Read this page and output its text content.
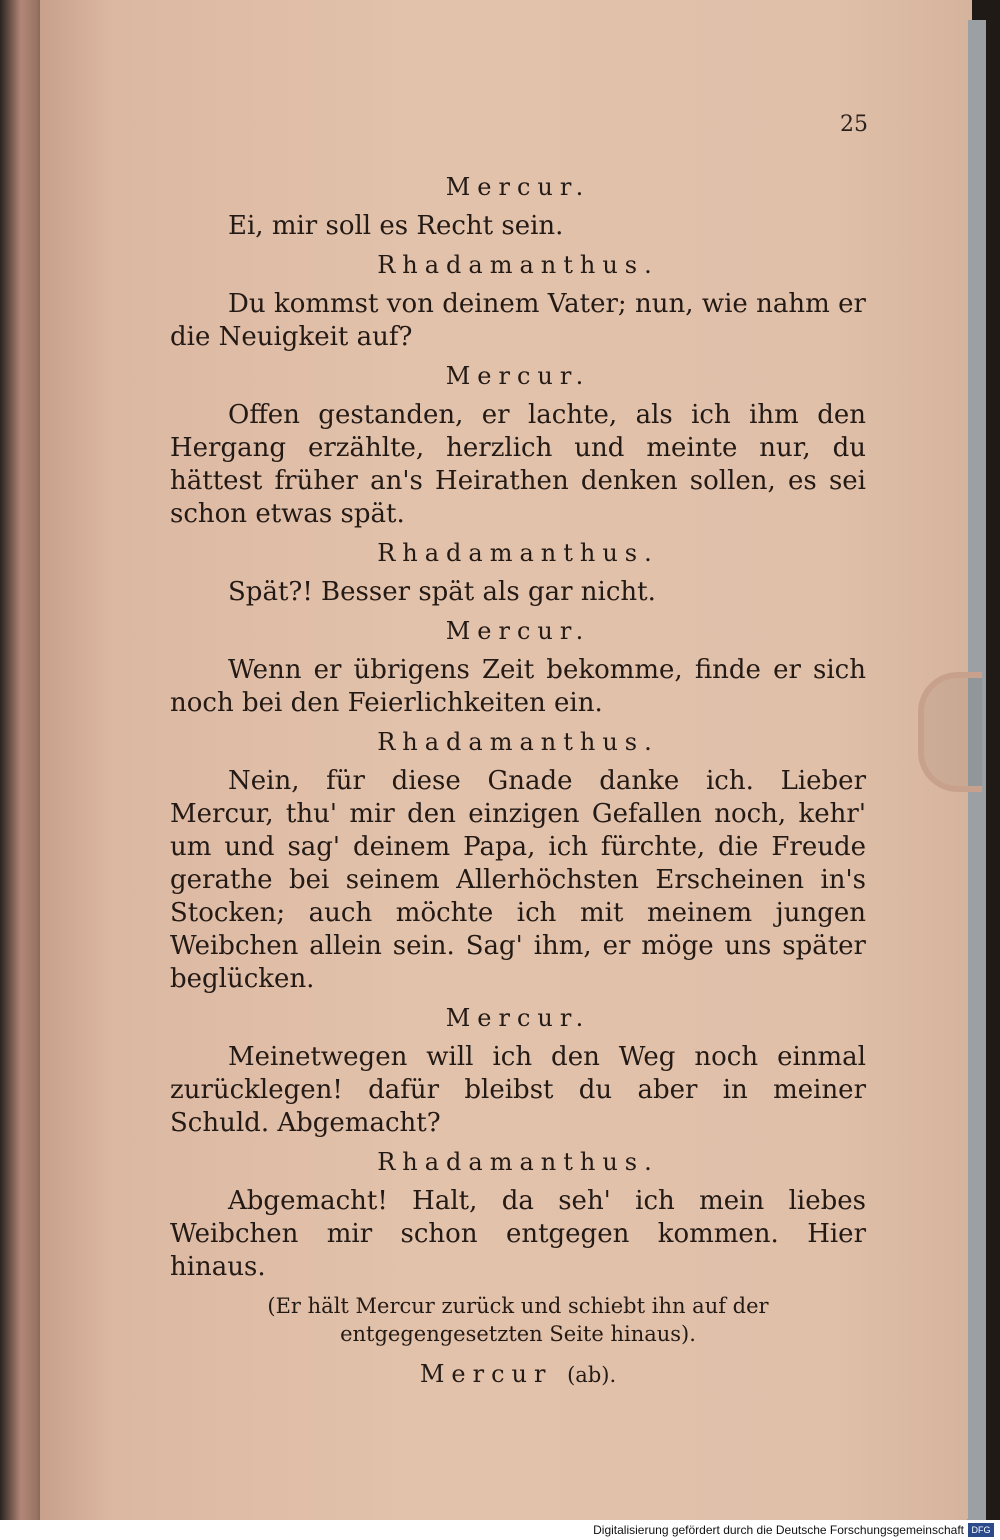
25
Mercur.

Ei, mir soll es Recht sein.

Rhadamanthus.

Du kommst von deinem Vater; nun, wie nahm er die Neuigkeit auf?

Mercur.

Offen gestanden, er lachte, als ich ihm den Hergang erzählte, herzlich und meinte nur, du hättest früher an's Heirathen denken sollen, es sei schon etwas spät.

Rhadamanthus.

Spät?! Besser spät als gar nicht.

Mercur.

Wenn er übrigens Zeit bekomme, finde er sich noch bei den Feierlichkeiten ein.

Rhadamanthus.

Nein, für diese Gnade danke ich. Lieber Mercur, thu' mir den einzigen Gefallen noch, kehr' um und sag' deinem Papa, ich fürchte, die Freude gerathe bei seinem Allerhöchsten Erscheinen in's Stocken; auch möchte ich mit meinem jungen Weibchen allein sein. Sag' ihm, er möge uns später beglücken.

Mercur.

Meinetwegen will ich den Weg noch einmal zurücklegen! dafür bleibst du aber in meiner Schuld. Abgemacht?

Rhadamanthus.

Abgemacht! Halt, da seh' ich mein liebes Weibchen mir schon entgegen kommen. Hier hinaus.

(Er hält Mercur zurück und schiebt ihn auf der entgegengesetzten Seite hinaus).
Mercur (ab).
Digitalisierung gefördert durch die Deutsche Forschungsgemeinschaft DFG
